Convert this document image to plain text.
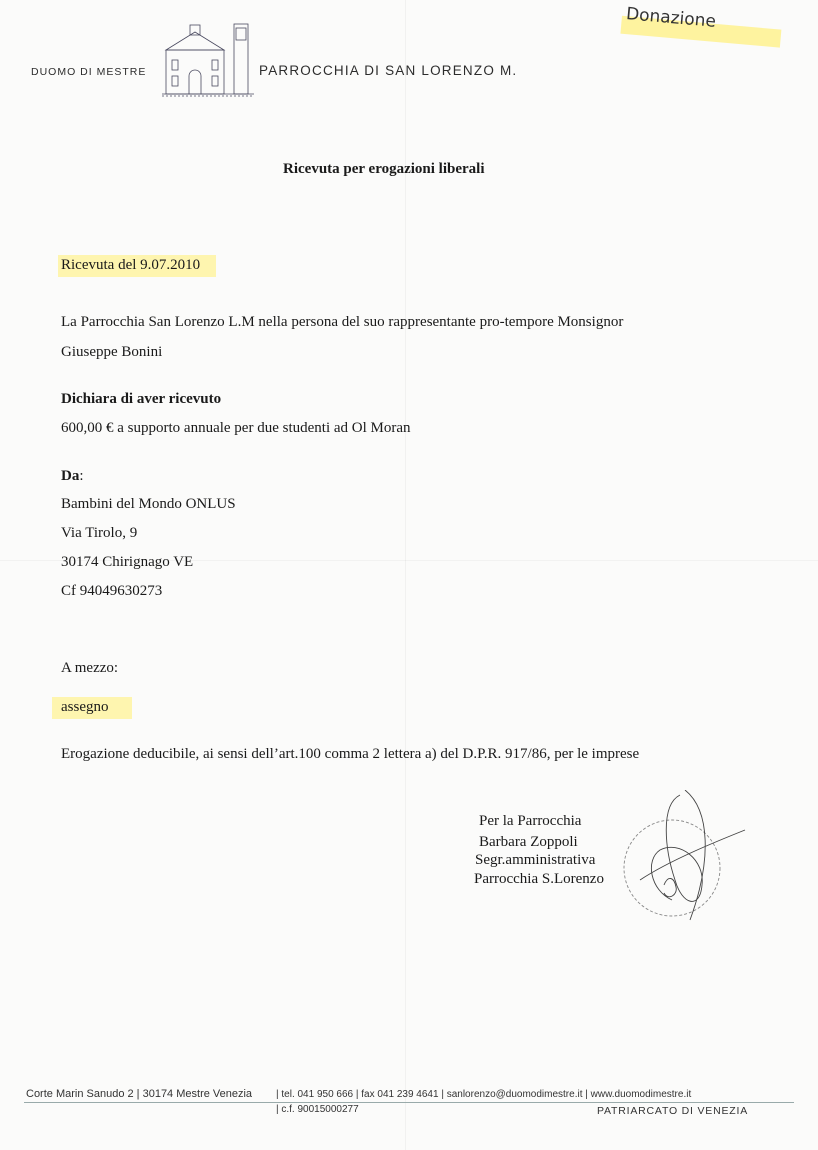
DUOMO DI MESTRE	PARROCCHIA DI SAN LORENZO M.
Donazione
Ricevuta per erogazioni liberali
Ricevuta del 9.07.2010
La Parrocchia San Lorenzo L.M nella persona del suo rappresentante pro-tempore Monsignor
Giuseppe Bonini
Dichiara di aver ricevuto
600,00 € a supporto annuale per due studenti ad Ol Moran
Da:
Bambini del Mondo ONLUS
Via Tirolo, 9
30174 Chirignago VE
Cf 94049630273
A mezzo:
assegno
Erogazione deducibile, ai sensi dell’art.100 comma 2 lettera a) del D.P.R. 917/86, per le imprese
Per la Parrocchia
Barbara Zoppoli
Segr.amministrativa
Parrocchia S.Lorenzo
Corte Marin Sanudo 2 | 30174 Mestre Venezia | tel. 041 950 666 | fax 041 239 4641 | sanlorenzo@duomodimestre.it | www.duomodimestre.it
| c.f. 90015000277	PATRIARCATO DI VENEZIA
